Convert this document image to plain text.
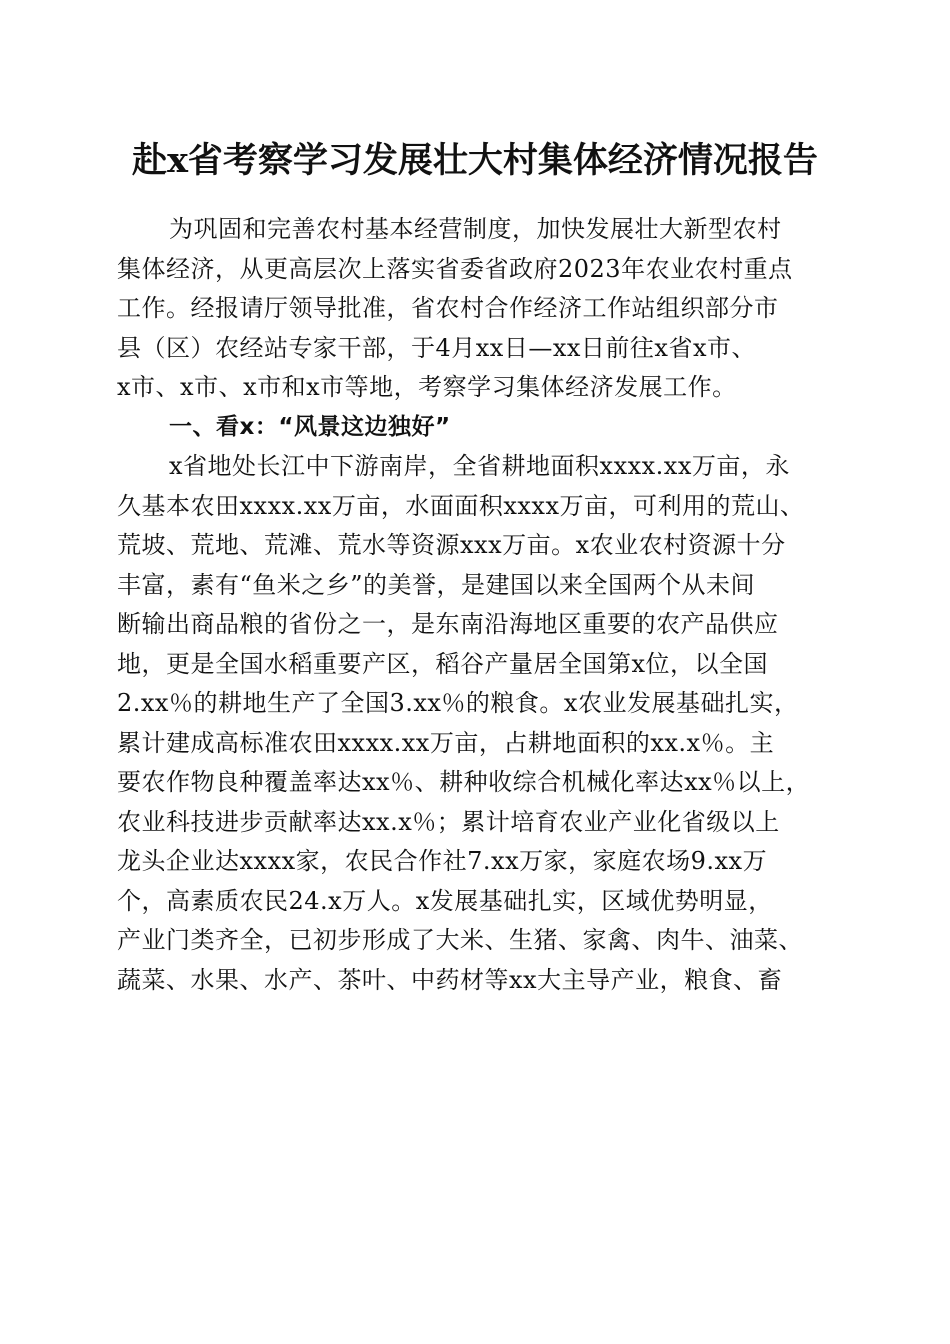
赴x省考察学习发展壮大村集体经济情况报告
为巩固和完善农村基本经营制度，加快发展壮大新型农村
集体经济，从更高层次上落实省委省政府2023年农业农村重点
工作。经报请厅领导批准，省农村合作经济工作站组织部分市
县（区）农经站专家干部，于4月xx日—xx日前往x省x市、
x市、x市、x市和x市等地，考察学习集体经济发展工作。
一、看x：“风景这边独好”
x省地处长江中下游南岸，全省耕地面积xxxx.xx万亩，永
久基本农田xxxx.xx万亩，水面面积xxxx万亩，可利用的荒山、
荒坡、荒地、荒滩、荒水等资源xxx万亩。x农业农村资源十分
丰富，素有“鱼米之乡”的美誉，是建国以来全国两个从未间
断输出商品粮的省份之一，是东南沿海地区重要的农产品供应
地，更是全国水稻重要产区，稻谷产量居全国第x位，以全国
2.xx％的耕地生产了全国3.xx％的粮食。x农业发展基础扎实，
累计建成高标准农田xxxx.xx万亩，占耕地面积的xx.x％。主
要农作物良种覆盖率达xx％、耕种收综合机械化率达xx％以上，
农业科技进步贡献率达xx.x％；累计培育农业产业化省级以上
龙头企业达xxxx家，农民合作社7.xx万家，家庭农场9.xx万
个，高素质农民24.x万人。x发展基础扎实，区域优势明显，
产业门类齐全，已初步形成了大米、生猪、家禽、肉牛、油菜、
蔬菜、水果、水产、茶叶、中药材等xx大主导产业，粮食、畜
